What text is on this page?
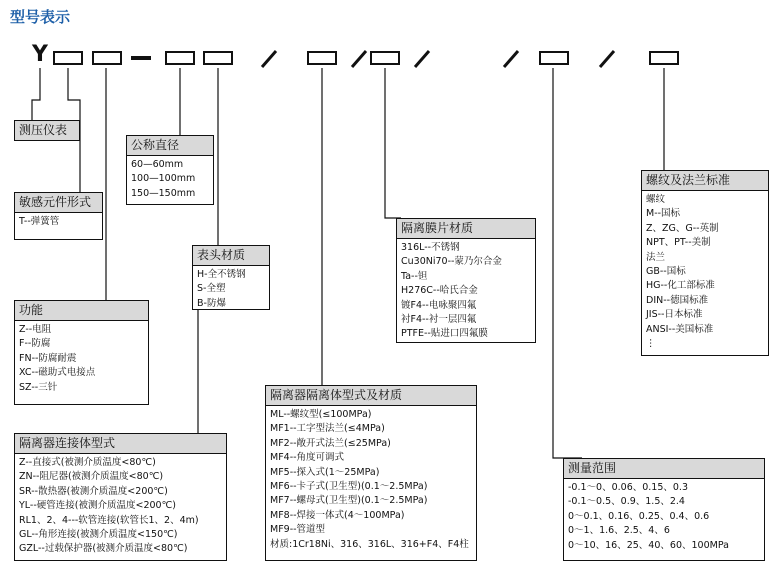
型号表示
Y
测压仪表
敏感元件形式
T--弹簧管
公称直径
60—60mm
100—100mm
150—150mm
功能
Z--电阻
F--防腐
FN--防腐耐震
XC--磁助式电接点
SZ--三针
表头材质
H-全不锈钢
S-全塑
B-防爆
隔离器连接体型式
Z--直接式(被测介质温度<80℃)
ZN--阻尼器(被测介质温度<80℃)
SR--散热器(被测介质温度<200℃)
YL--硬管连接(被测介质温度<200℃)
RL1、2、4---软管连接(软管长1、2、4m)
GL--角形连接(被测介质温度<150℃)
GZL--过载保护器(被测介质温度<80℃)
隔离器隔离体型式及材质
ML--螺纹型(≤100MPa)
MF1--工字型法兰(≤4MPa)
MF2--敞开式法兰(≤25MPa)
MF4--角度可调式
MF5--探入式(1～25MPa)
MF6--卡子式(卫生型)(0.1～2.5MPa)
MF7--螺母式(卫生型)(0.1～2.5MPa)
MF8--焊接一体式(4～100MPa)
MF9--管道型
材质:1Cr18Ni、316、316L、316+F4、F4柱
隔离膜片材质
316L--不锈钢
Cu30Ni70--蒙乃尔合金
Ta--钽
H276C--哈氏合金
镀F4--电咏聚四氟
衬F4--衬一层四氟
PTFE--贴进口四氟膜
测量范围
-0.1～0、0.06、0.15、0.3
-0.1～0.5、0.9、1.5、2.4
0～0.1、0.16、0.25、0.4、0.6
0～1、1.6、2.5、4、6
0～10、16、25、40、60、100MPa
螺纹及法兰标准
螺纹
M--国标
Z、ZG、G--英制
NPT、PT--美制
法兰
GB--国标
HG--化工部标准
DIN--德国标准
JIS--日本标准
ANSI--美国标准
⋮
